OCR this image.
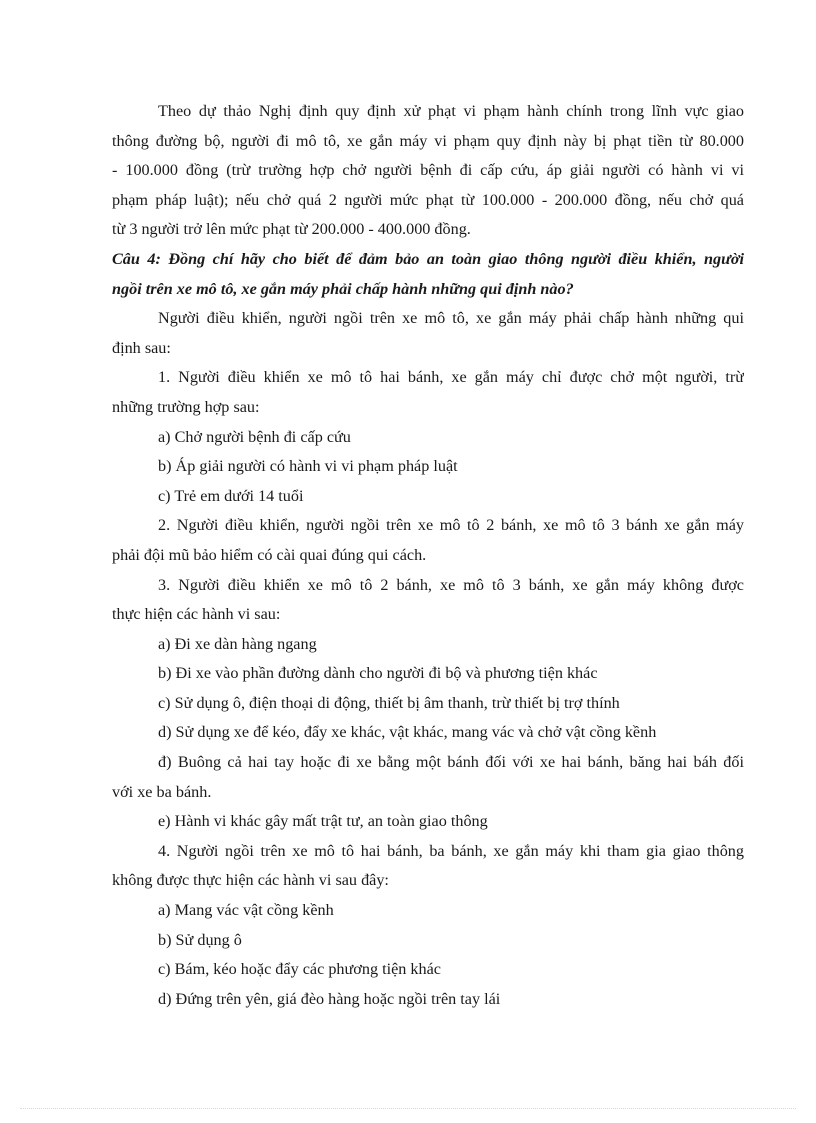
Theo dự thảo Nghị định quy định xử phạt vi phạm hành chính trong lĩnh vực giao
thông đường bộ, người đi mô tô, xe gắn máy vi phạm quy định này bị phạt tiền từ 80.000
- 100.000 đồng (trừ trường hợp chở người bệnh đi cấp cứu, áp giải người có hành vi vi
phạm pháp luật); nếu chở quá 2 người mức phạt từ 100.000 - 200.000 đồng, nếu chở quá
từ 3 người trở lên mức phạt từ 200.000 - 400.000 đồng.
Câu 4: Đồng chí hãy cho biết để đảm bảo an toàn giao thông người điều khiển, người
ngồi trên xe mô tô, xe gắn máy phải chấp hành những qui định nào?
Người điều khiển, người ngồi trên xe mô tô, xe gắn máy phải chấp hành những qui
định sau:
1. Người điều khiển xe mô tô hai bánh, xe gắn máy chỉ được chở một người, trừ
những trường hợp sau:
a) Chở người bệnh đi cấp cứu
b) Áp giải người có hành vi vi phạm pháp luật
c) Trẻ em dưới 14 tuổi
2. Người điều khiển, người ngồi trên xe mô tô 2 bánh, xe mô tô 3 bánh xe gắn máy
phải đội mũ bảo hiểm có cài quai đúng qui cách.
3. Người điều khiển xe mô tô 2 bánh, xe mô tô 3 bánh, xe gắn máy không được
thực hiện các hành vi sau:
a) Đi xe dàn hàng ngang
b) Đi xe vào phần đường dành cho người đi bộ và phương tiện khác
c) Sử dụng ô, điện thoại di động, thiết bị âm thanh, trừ thiết bị trợ thính
d) Sử dụng xe để kéo, đẩy xe khác, vật khác, mang vác và chở vật cồng kềnh
đ) Buông cả hai tay hoặc đi xe bằng một bánh đối với xe hai bánh, băng hai báh đối
với xe ba bánh.
e) Hành vi khác gây mất trật tư, an toàn giao thông
4. Người ngồi trên xe mô tô hai bánh, ba bánh, xe gắn máy khi tham gia giao thông
không được thực hiện các hành vi sau đây:
a) Mang vác vật cồng kềnh
b) Sử dụng ô
c) Bám, kéo hoặc đẩy các phương tiện khác
d) Đứng trên yên, giá đèo hàng hoặc ngồi trên tay lái
